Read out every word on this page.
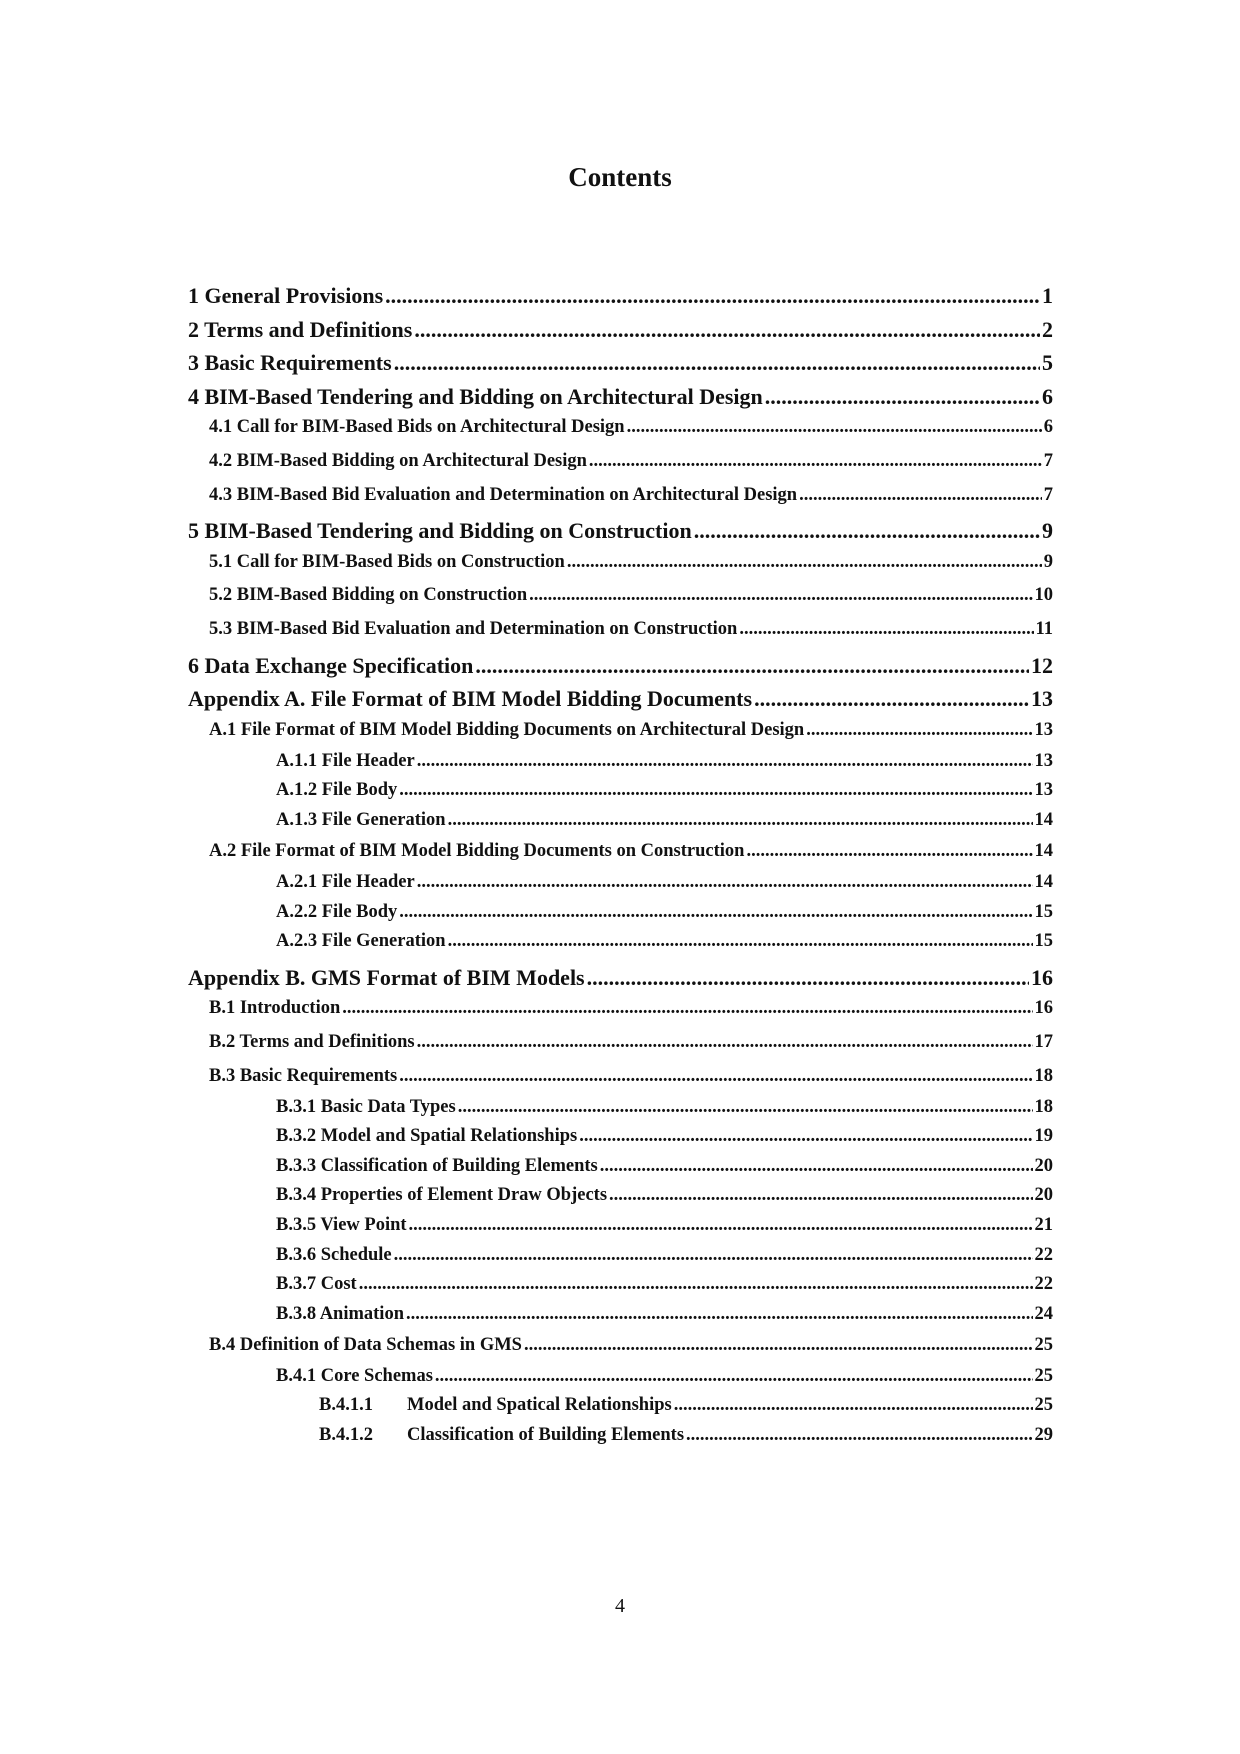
Contents
1 General Provisions .....	1
2 Terms and Definitions .....	2
3 Basic Requirements .....	5
4 BIM-Based Tendering and Bidding on Architectural Design .....	6
4.1 Call for BIM-Based Bids on Architectural Design .....	6
4.2 BIM-Based Bidding on Architectural Design .....	7
4.3 BIM-Based Bid Evaluation and Determination on Architectural Design .....	7
5 BIM-Based Tendering and Bidding on Construction .....	9
5.1 Call for BIM-Based Bids on Construction .....	9
5.2 BIM-Based Bidding on Construction .....	10
5.3 BIM-Based Bid Evaluation and Determination on Construction .....	11
6 Data Exchange Specification .....	12
Appendix A. File Format of BIM Model Bidding Documents .....	13
A.1 File Format of BIM Model Bidding Documents on Architectural Design .....	13
A.1.1 File Header .....	13
A.1.2 File Body .....	13
A.1.3 File Generation .....	14
A.2 File Format of BIM Model Bidding Documents on Construction .....	14
A.2.1 File Header .....	14
A.2.2 File Body .....	15
A.2.3 File Generation .....	15
Appendix B. GMS Format of BIM Models .....	16
B.1 Introduction .....	16
B.2 Terms and Definitions .....	17
B.3 Basic Requirements .....	18
B.3.1 Basic Data Types .....	18
B.3.2 Model and Spatial Relationships .....	19
B.3.3 Classification of Building Elements .....	20
B.3.4 Properties of Element Draw Objects .....	20
B.3.5 View Point .....	21
B.3.6 Schedule .....	22
B.3.7 Cost .....	22
B.3.8 Animation .....	24
B.4 Definition of Data Schemas in GMS .....	25
B.4.1 Core Schemas .....	25
B.4.1.1 Model and Spatical Relationships .....	25
B.4.1.2 Classification of Building Elements .....	29
4
